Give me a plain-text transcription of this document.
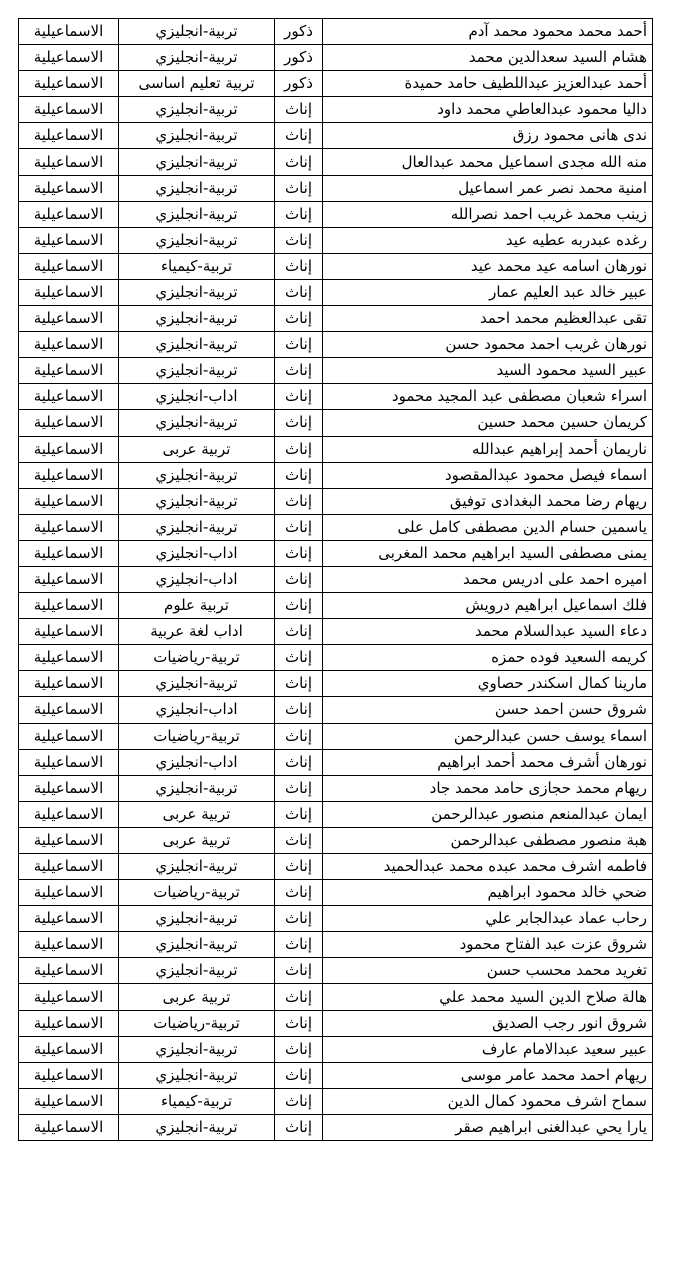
أحمد محمد محمود محمد آدم	ذكور	تربية-انجليزي	الاسماعيلية
هشام السيد سعدالدين محمد	ذكور	تربية-انجليزي	الاسماعيلية
أحمد عبدالعزيز عبداللطيف حامد حميدة	ذكور	تربية تعليم اساسى	الاسماعيلية
داليا محمود عبدالعاطي محمد داود	إناث	تربية-انجليزي	الاسماعيلية
ندى هانى محمود رزق	إناث	تربية-انجليزي	الاسماعيلية
منه الله مجدى اسماعيل محمد عبدالعال	إناث	تربية-انجليزي	الاسماعيلية
امنية محمد نصر عمر اسماعيل	إناث	تربية-انجليزي	الاسماعيلية
زينب محمد غريب احمد نصرالله	إناث	تربية-انجليزي	الاسماعيلية
رغده عبدربه عطيه عيد	إناث	تربية-انجليزي	الاسماعيلية
نورهان اسامه عيد محمد عيد	إناث	تربية-كيمياء	الاسماعيلية
عبير خالد عبد العليم عمار	إناث	تربية-انجليزي	الاسماعيلية
تقى عبدالعظيم محمد احمد	إناث	تربية-انجليزي	الاسماعيلية
نورهان غريب احمد محمود حسن	إناث	تربية-انجليزي	الاسماعيلية
عبير السيد محمود السيد	إناث	تربية-انجليزي	الاسماعيلية
اسراء شعبان مصطفى عبد المجيد محمود	إناث	اداب-انجليزي	الاسماعيلية
كريمان حسين محمد حسين	إناث	تربية-انجليزي	الاسماعيلية
ناريمان أحمد إبراهيم عبدالله	إناث	تربية عربى	الاسماعيلية
اسماء فيصل محمود عبدالمقصود	إناث	تربية-انجليزي	الاسماعيلية
ريهام رضا محمد البغدادى توفيق	إناث	تربية-انجليزي	الاسماعيلية
ياسمين حسام الدين مصطفى كامل على	إناث	تربية-انجليزي	الاسماعيلية
يمنى مصطفى السيد ابراهيم محمد المغربى	إناث	اداب-انجليزي	الاسماعيلية
اميره احمد على ادريس محمد	إناث	اداب-انجليزي	الاسماعيلية
فلك اسماعيل ابراهيم درويش	إناث	تربية علوم	الاسماعيلية
دعاء السيد عبدالسلام محمد	إناث	اداب لغة عربية	الاسماعيلية
كريمه السعيد فوده حمزه	إناث	تربية-رياضيات	الاسماعيلية
مارينا كمال اسكندر حصاوي	إناث	تربية-انجليزي	الاسماعيلية
شروق حسن احمد حسن	إناث	اداب-انجليزي	الاسماعيلية
اسماء يوسف حسن عبدالرحمن	إناث	تربية-رياضيات	الاسماعيلية
نورهان أشرف محمد أحمد ابراهيم	إناث	اداب-انجليزي	الاسماعيلية
ريهام محمد حجازى حامد محمد جاد	إناث	تربية-انجليزي	الاسماعيلية
ايمان عبدالمنعم منصور عبدالرحمن	إناث	تربية عربى	الاسماعيلية
هبة منصور مصطفى عبدالرحمن	إناث	تربية عربى	الاسماعيلية
فاطمه اشرف محمد عبده محمد عبدالحميد	إناث	تربية-انجليزي	الاسماعيلية
ضحي خالد محمود ابراهيم	إناث	تربية-رياضيات	الاسماعيلية
رحاب عماد عبدالجابر علي	إناث	تربية-انجليزي	الاسماعيلية
شروق عزت عبد الفتاح محمود	إناث	تربية-انجليزي	الاسماعيلية
تغريد محمد محسب حسن	إناث	تربية-انجليزي	الاسماعيلية
هالة صلاح الدين السيد محمد علي	إناث	تربية عربى	الاسماعيلية
شروق انور رجب الصديق	إناث	تربية-رياضيات	الاسماعيلية
عبير سعيد عبدالامام عارف	إناث	تربية-انجليزي	الاسماعيلية
ريهام احمد محمد عامر موسى	إناث	تربية-انجليزي	الاسماعيلية
سماح اشرف محمود كمال الدين	إناث	تربية-كيمياء	الاسماعيلية
يارا يحي عبدالغنى ابراهيم صقر	إناث	تربية-انجليزي	الاسماعيلية
